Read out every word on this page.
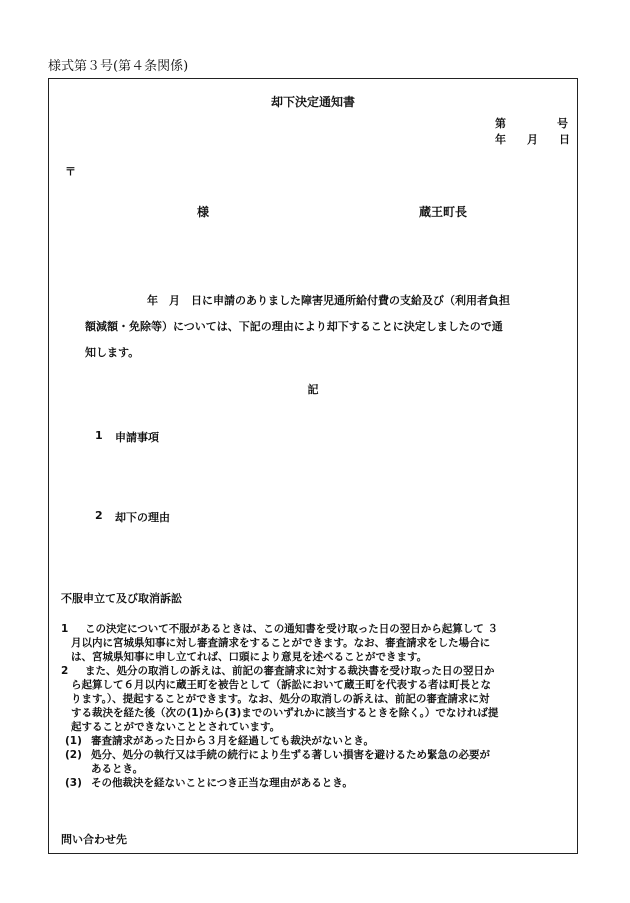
様式第３号(第４条関係)
却下決定通知書
第	号
年 月 日
〒
様	蔵王町長
年　月　日に申請のありました障害児通所給付費の支給及び（利用者負担
額減額・免除等）については、下記の理由により却下することに決定しましたので通
知します。
記
1 申請事項
2 却下の理由
不服申立て及び取消訴訟
1	この決定について不服があるときは、この通知書を受け取った日の翌日から起算して ３
月以内に宮城県知事に対し審査請求をすることができます。なお、審査請求をした場合に
は、宮城県知事に申し立てれば、口頭により意見を述べることができます。
2	また、処分の取消しの訴えは、前記の審査請求に対する裁決書を受け取った日の翌日か
ら起算して６月以内に蔵王町を被告として（訴訟において蔵王町を代表する者は町長とな
ります。）、提起することができます。なお、処分の取消しの訴えは、前記の審査請求に対
する裁決を経た後（次の(1)から(3)までのいずれかに該当するときを除く。）でなければ提
起することができないこととされています。
(1) 審査請求があった日から３月を経過しても裁決がないとき。
(2) 処分、処分の執行又は手続の続行により生ずる著しい損害を避けるため緊急の必要が
あるとき。
(3) その他裁決を経ないことにつき正当な理由があるとき。
問い合わせ先
